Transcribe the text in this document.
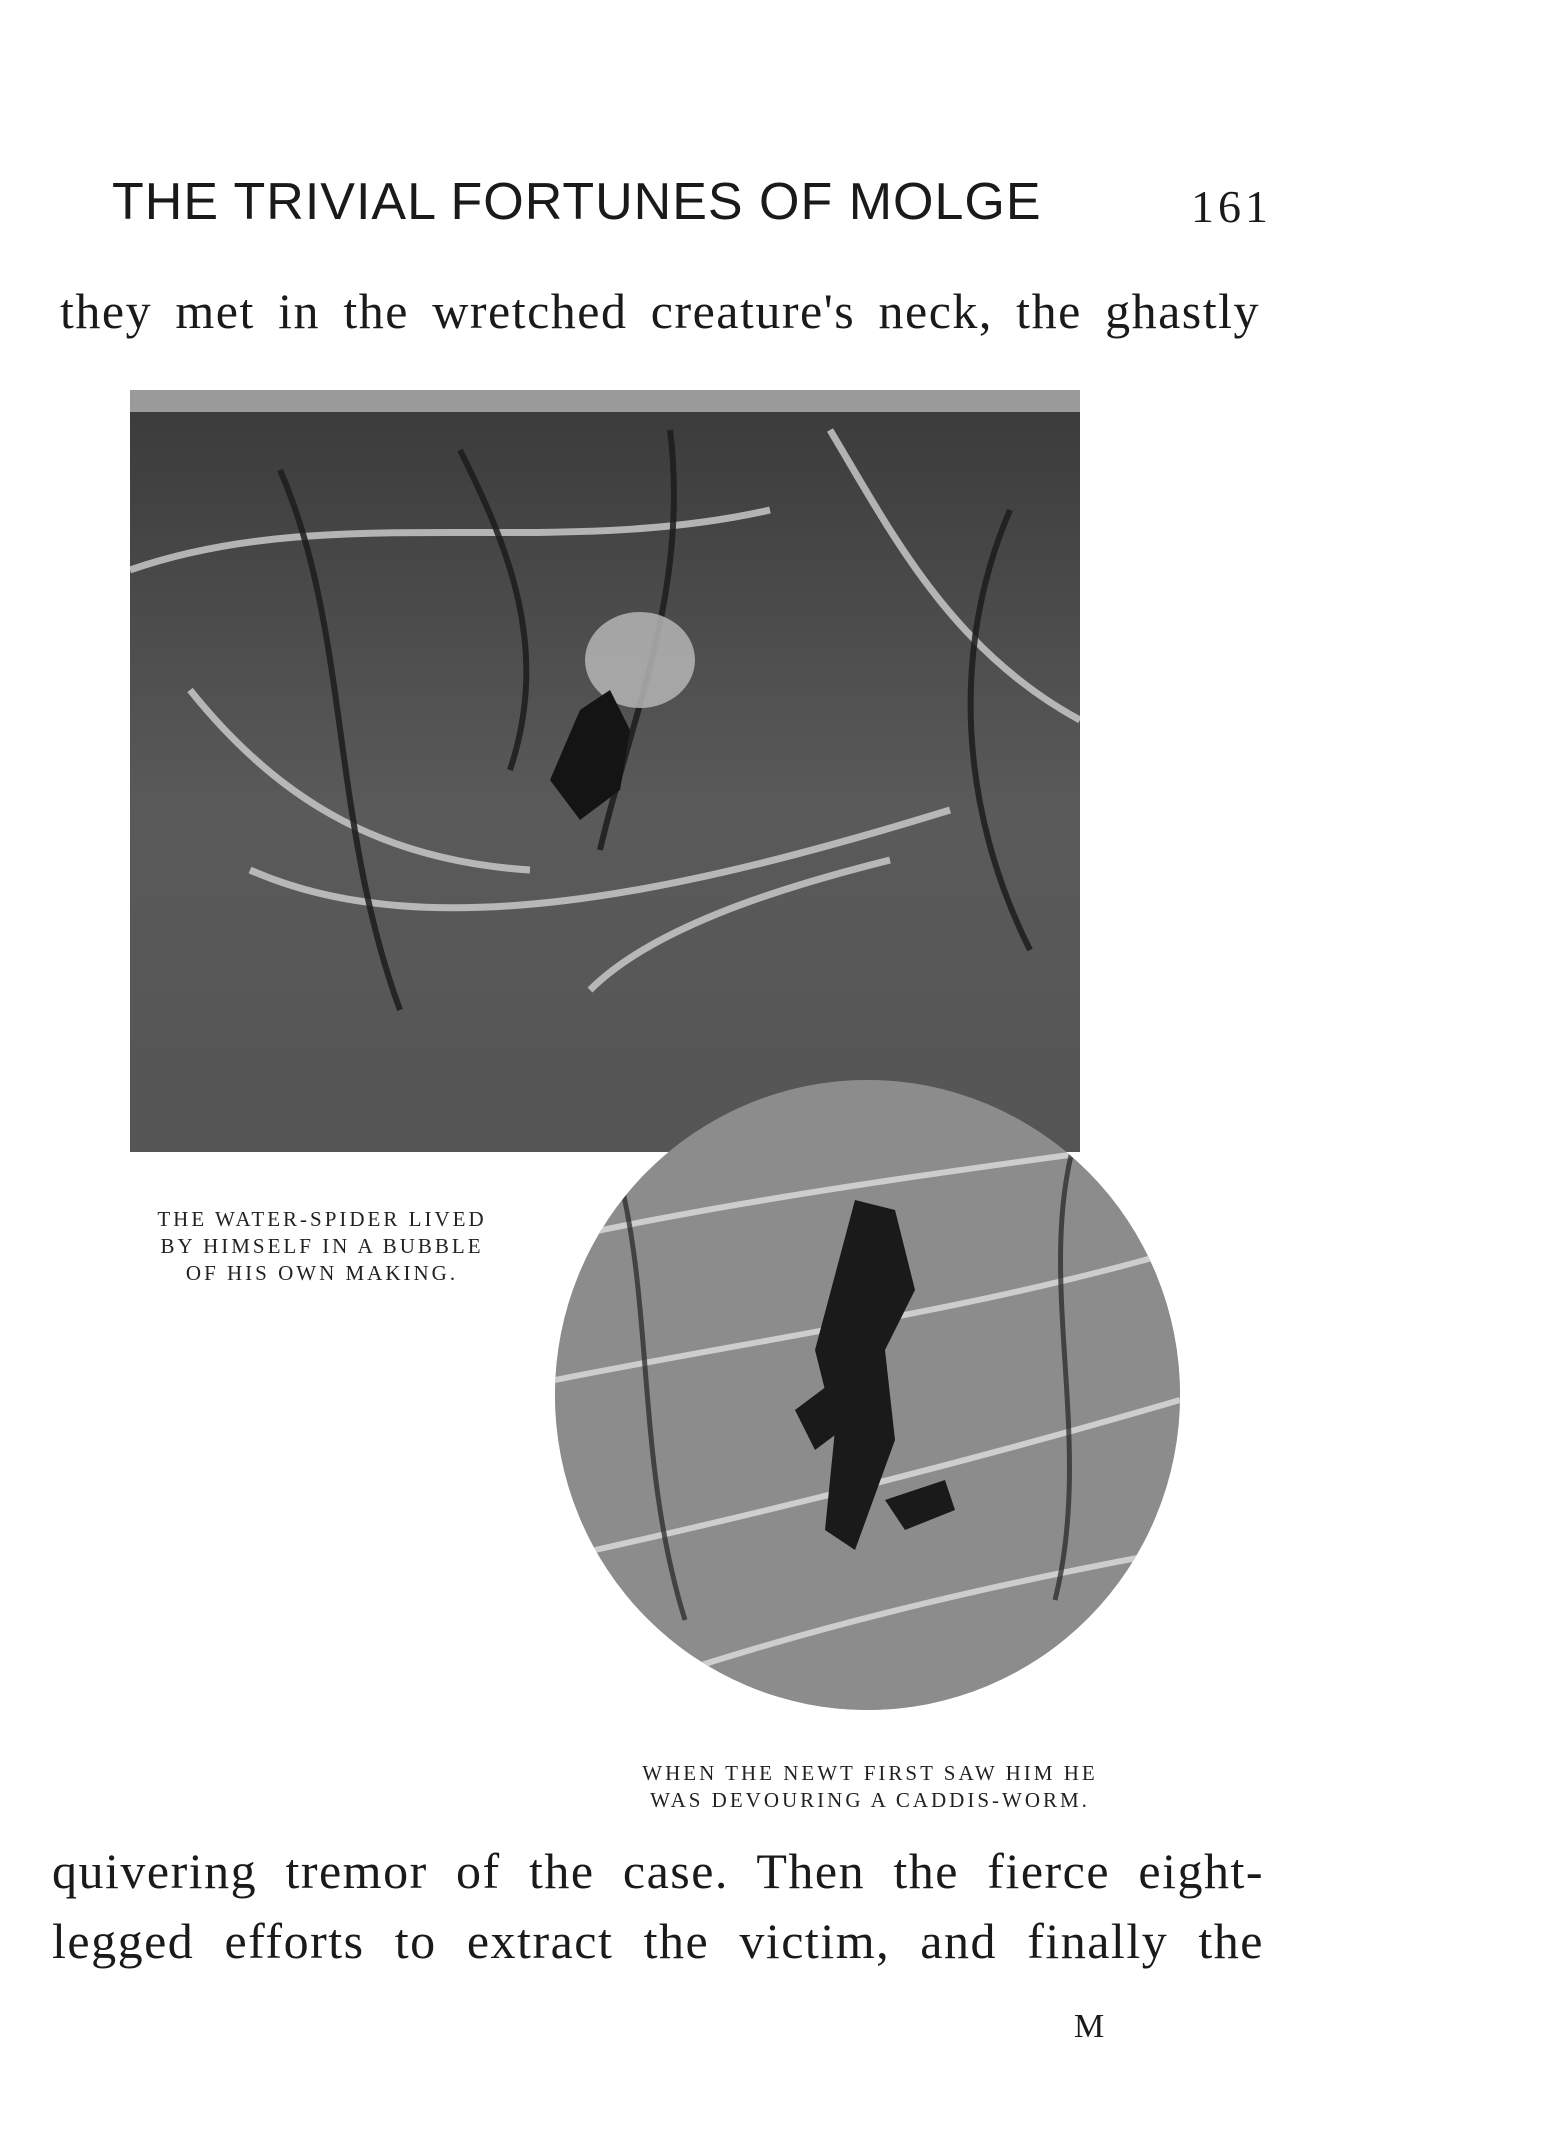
THE TRIVIAL FORTUNES OF MOLGE	161
they met in the wretched creature's neck, the ghastly
THE WATER-SPIDER LIVED
BY HIMSELF IN A BUBBLE
OF HIS OWN MAKING.
WHEN THE NEWT FIRST SAW HIM HE
WAS DEVOURING A CADDIS-WORM.
quivering tremor of the case. Then the fierce eight-
legged efforts to extract the victim, and finally the
M
